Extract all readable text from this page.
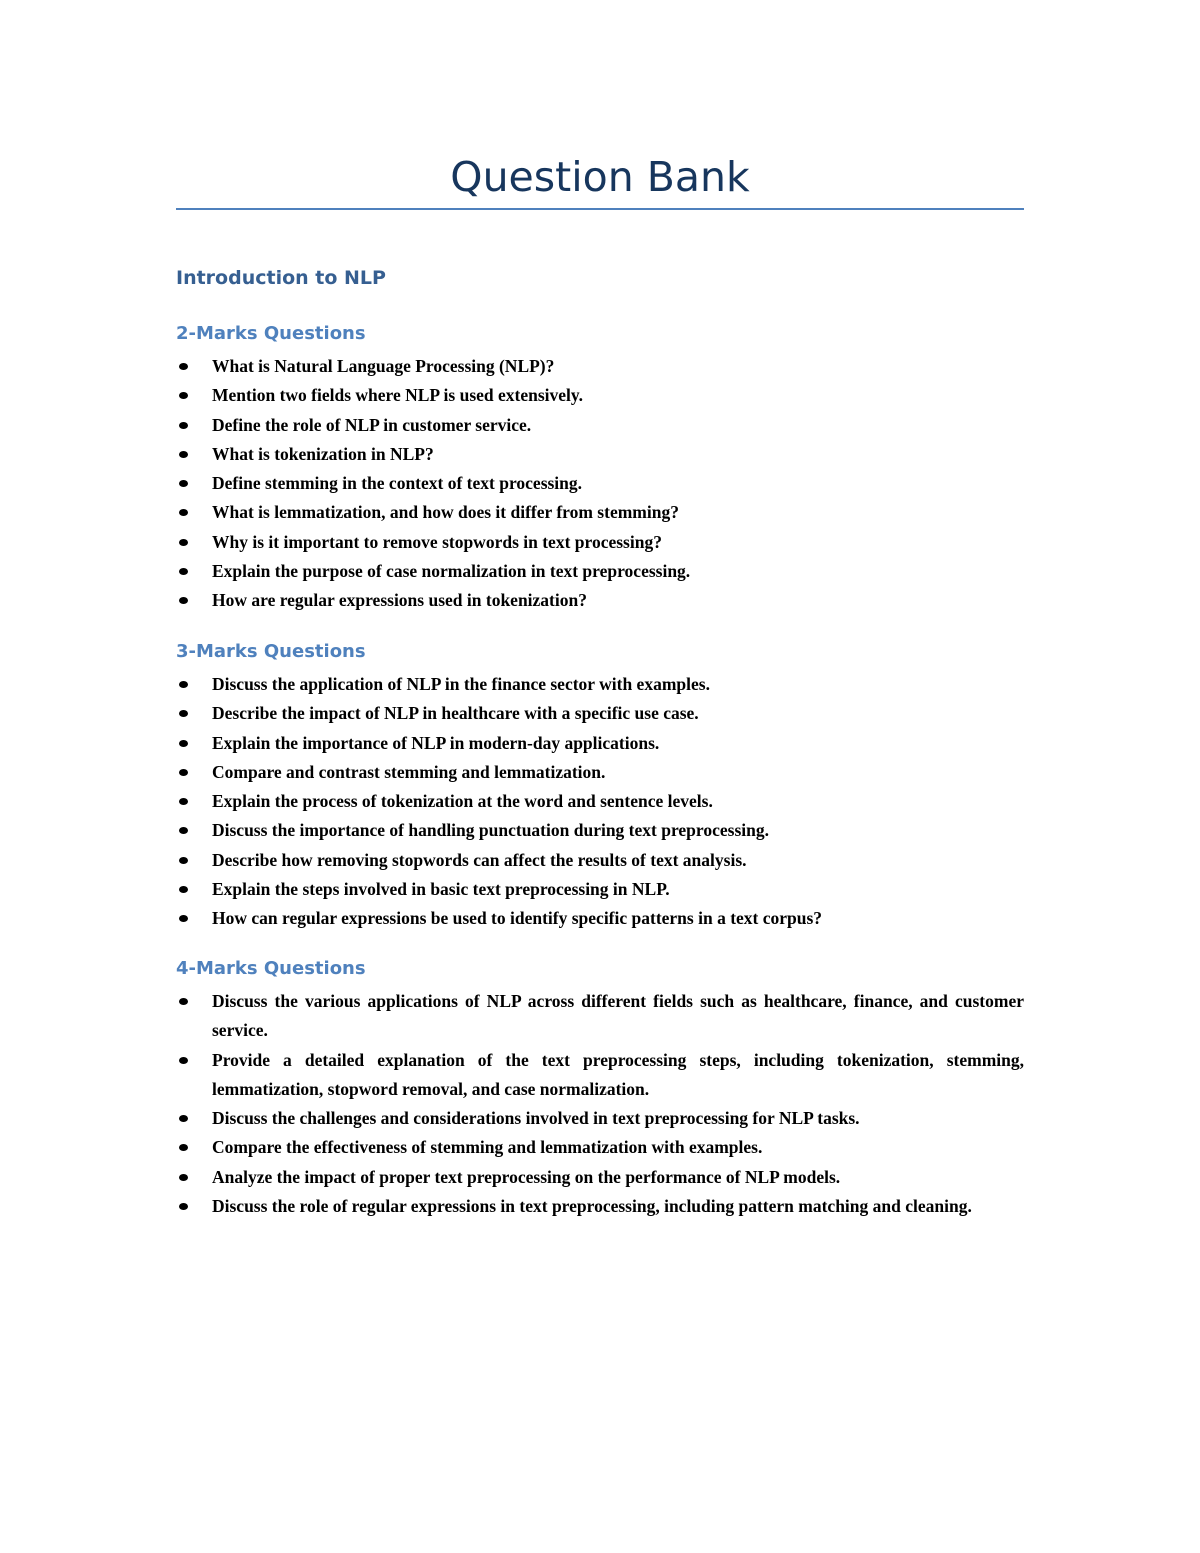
Question Bank
Introduction to NLP
2-Marks Questions
What is Natural Language Processing (NLP)?
Mention two fields where NLP is used extensively.
Define the role of NLP in customer service.
What is tokenization in NLP?
Define stemming in the context of text processing.
What is lemmatization, and how does it differ from stemming?
Why is it important to remove stopwords in text processing?
Explain the purpose of case normalization in text preprocessing.
How are regular expressions used in tokenization?
3-Marks Questions
Discuss the application of NLP in the finance sector with examples.
Describe the impact of NLP in healthcare with a specific use case.
Explain the importance of NLP in modern-day applications.
Compare and contrast stemming and lemmatization.
Explain the process of tokenization at the word and sentence levels.
Discuss the importance of handling punctuation during text preprocessing.
Describe how removing stopwords can affect the results of text analysis.
Explain the steps involved in basic text preprocessing in NLP.
How can regular expressions be used to identify specific patterns in a text corpus?
4-Marks Questions
Discuss the various applications of NLP across different fields such as healthcare, finance, and customer service.
Provide a detailed explanation of the text preprocessing steps, including tokenization, stemming, lemmatization, stopword removal, and case normalization.
Discuss the challenges and considerations involved in text preprocessing for NLP tasks.
Compare the effectiveness of stemming and lemmatization with examples.
Analyze the impact of proper text preprocessing on the performance of NLP models.
Discuss the role of regular expressions in text preprocessing, including pattern matching and cleaning.
